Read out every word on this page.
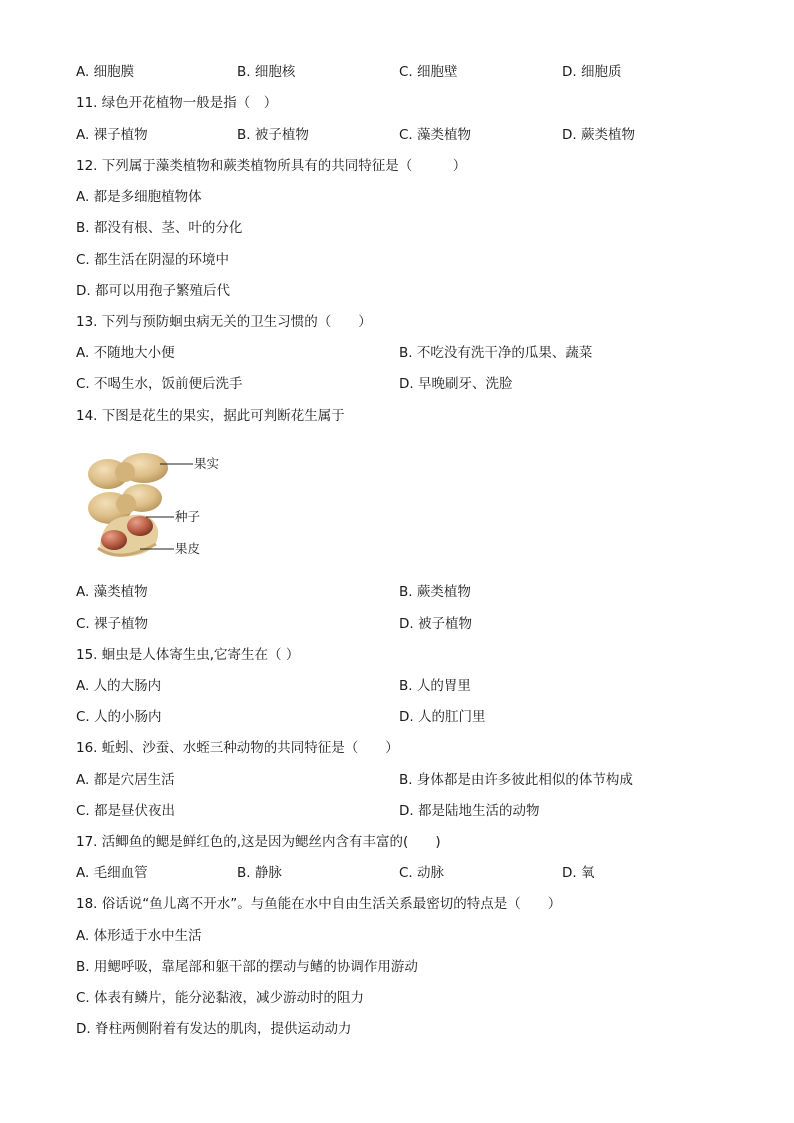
A. 细胞膜	B. 细胞核	C. 细胞壁	D. 细胞质
11. 绿色开花植物一般是指（　）
A. 裸子植物	B. 被子植物	C. 藻类植物	D. 蕨类植物
12. 下列属于藻类植物和蕨类植物所具有的共同特征是（　　　）
A. 都是多细胞植物体
B. 都没有根、茎、叶的分化
C. 都生活在阴湿的环境中
D. 都可以用孢子繁殖后代
13. 下列与预防蛔虫病无关的卫生习惯的（　　）
A. 不随地大小便	B. 不吃没有洗干净的瓜果、蔬菜
C. 不喝生水，饭前便后洗手	D. 早晚刷牙、洗脸
14. 下图是花生的果实，据此可判断花生属于
果实
种子
果皮
A. 藻类植物	B. 蕨类植物
C. 裸子植物	D. 被子植物
15. 蛔虫是人体寄生虫,它寄生在（ ）
A. 人的大肠内	B. 人的胃里
C. 人的小肠内	D. 人的肛门里
16. 蚯蚓、沙蚕、水蛭三种动物的共同特征是（　　）
A. 都是穴居生活	B. 身体都是由许多彼此相似的体节构成
C. 都是昼伏夜出	D. 都是陆地生活的动物
17. 活鲫鱼的鳃是鲜红色的,这是因为鳃丝内含有丰富的(　　)
A. 毛细血管	B. 静脉	C. 动脉	D. 氧
18. 俗话说“鱼儿离不开水”。与鱼能在水中自由生活关系最密切的特点是（　　）
A. 体形适于水中生活
B. 用鳃呼吸，靠尾部和躯干部的摆动与鳍的协调作用游动
C. 体表有鳞片，能分泌黏液，减少游动时的阻力
D. 脊柱两侧附着有发达的肌肉，提供运动动力
